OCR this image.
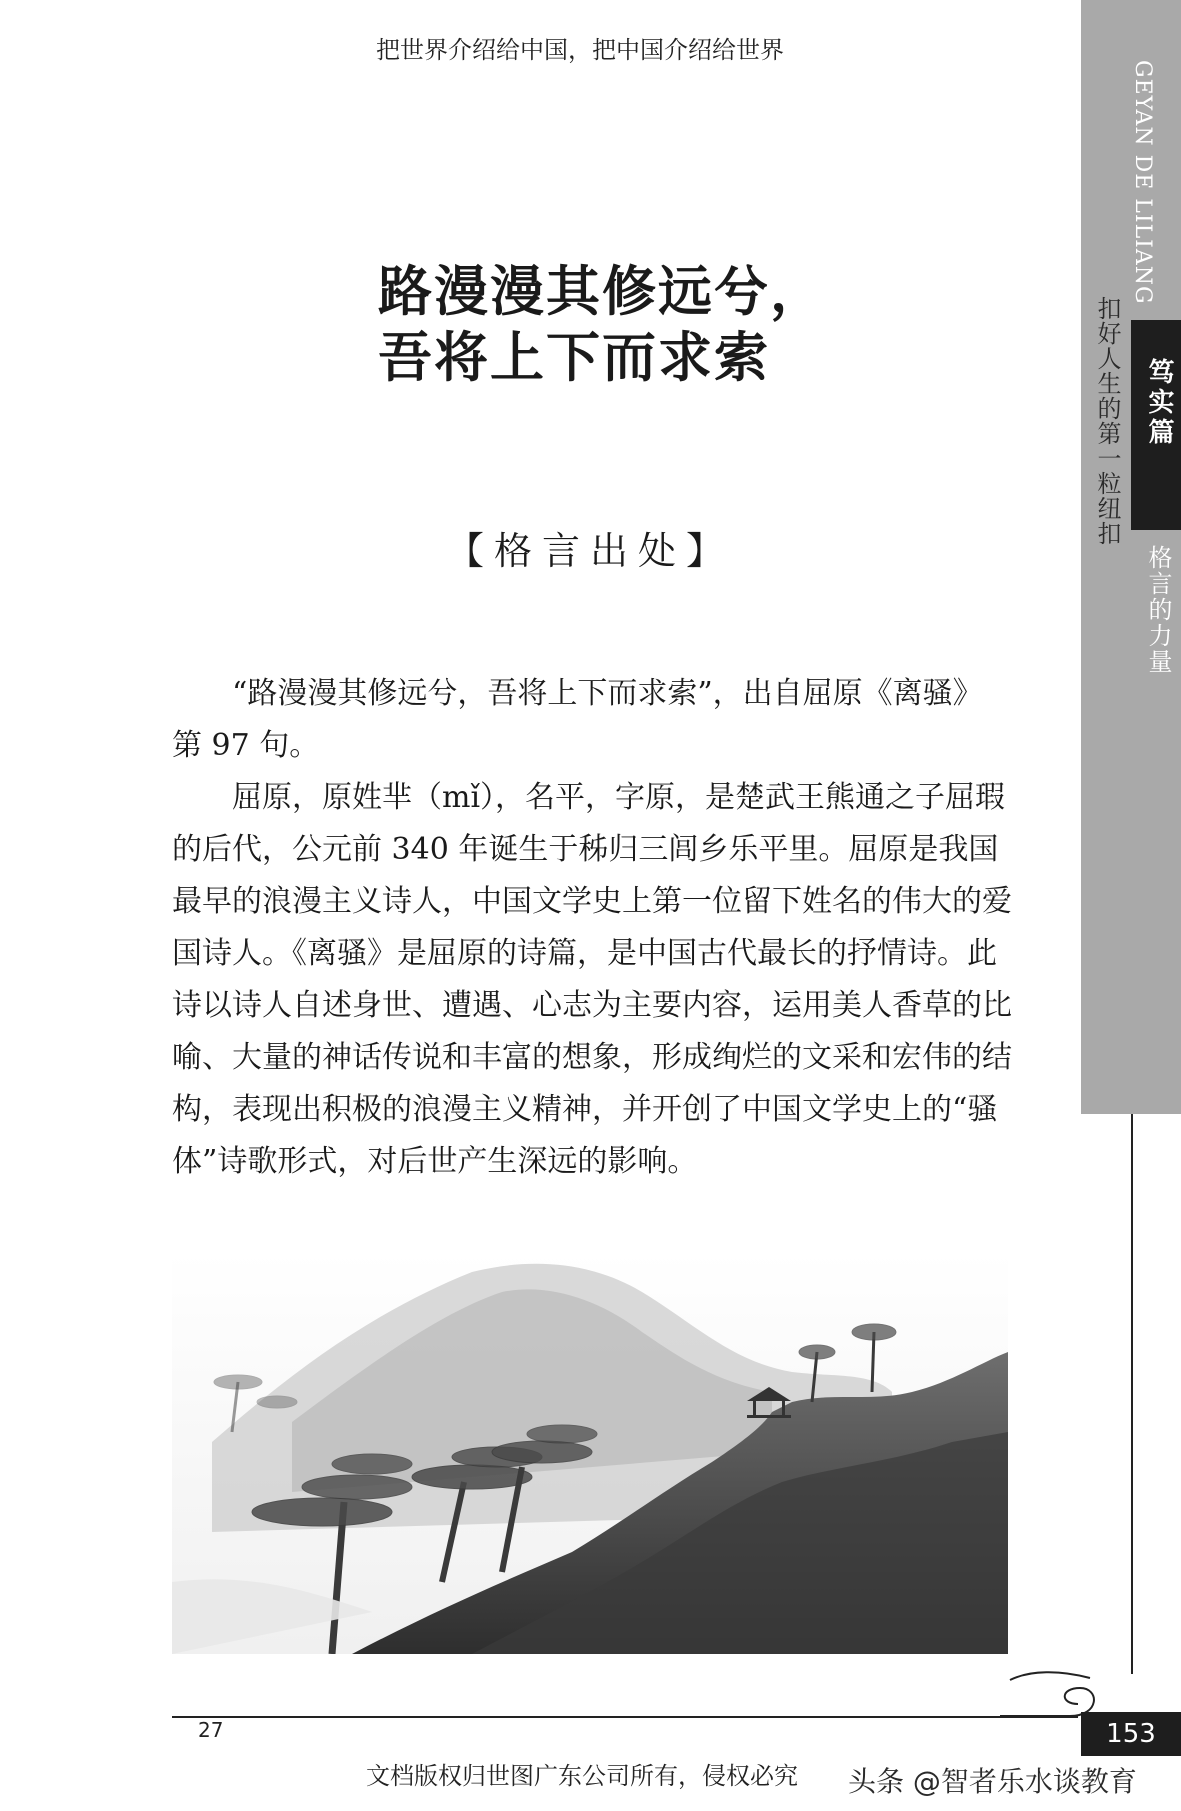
把世界介绍给中国，把中国介绍给世界
路漫漫其修远兮，
吾将上下而求索
【格言出处】

“路漫漫其修远兮，吾将上下而求索”，出自屈原《离骚》第 97 句。

屈原，原姓芈（mǐ），名平，字原，是楚武王熊通之子屈瑕的后代，公元前 340 年诞生于秭归三闾乡乐平里。屈原是我国最早的浪漫主义诗人，中国文学史上第一位留下姓名的伟大的爱国诗人。《离骚》是屈原的诗篇，是中国古代最长的抒情诗。此诗以诗人自述身世、遭遇、心志为主要内容，运用美人香草的比喻、大量的神话传说和丰富的想象，形成绚烂的文采和宏伟的结构，表现出积极的浪漫主义精神，并开创了中国文学史上的“骚体”诗歌形式，对后世产生深远的影响。

GEYAN DE LILIANG
扣好人生的第一粒纽扣 笃实篇
格言的力量
27	153
文档版权归世图广东公司所有，侵权必究 头条 @智者乐水谈教育
